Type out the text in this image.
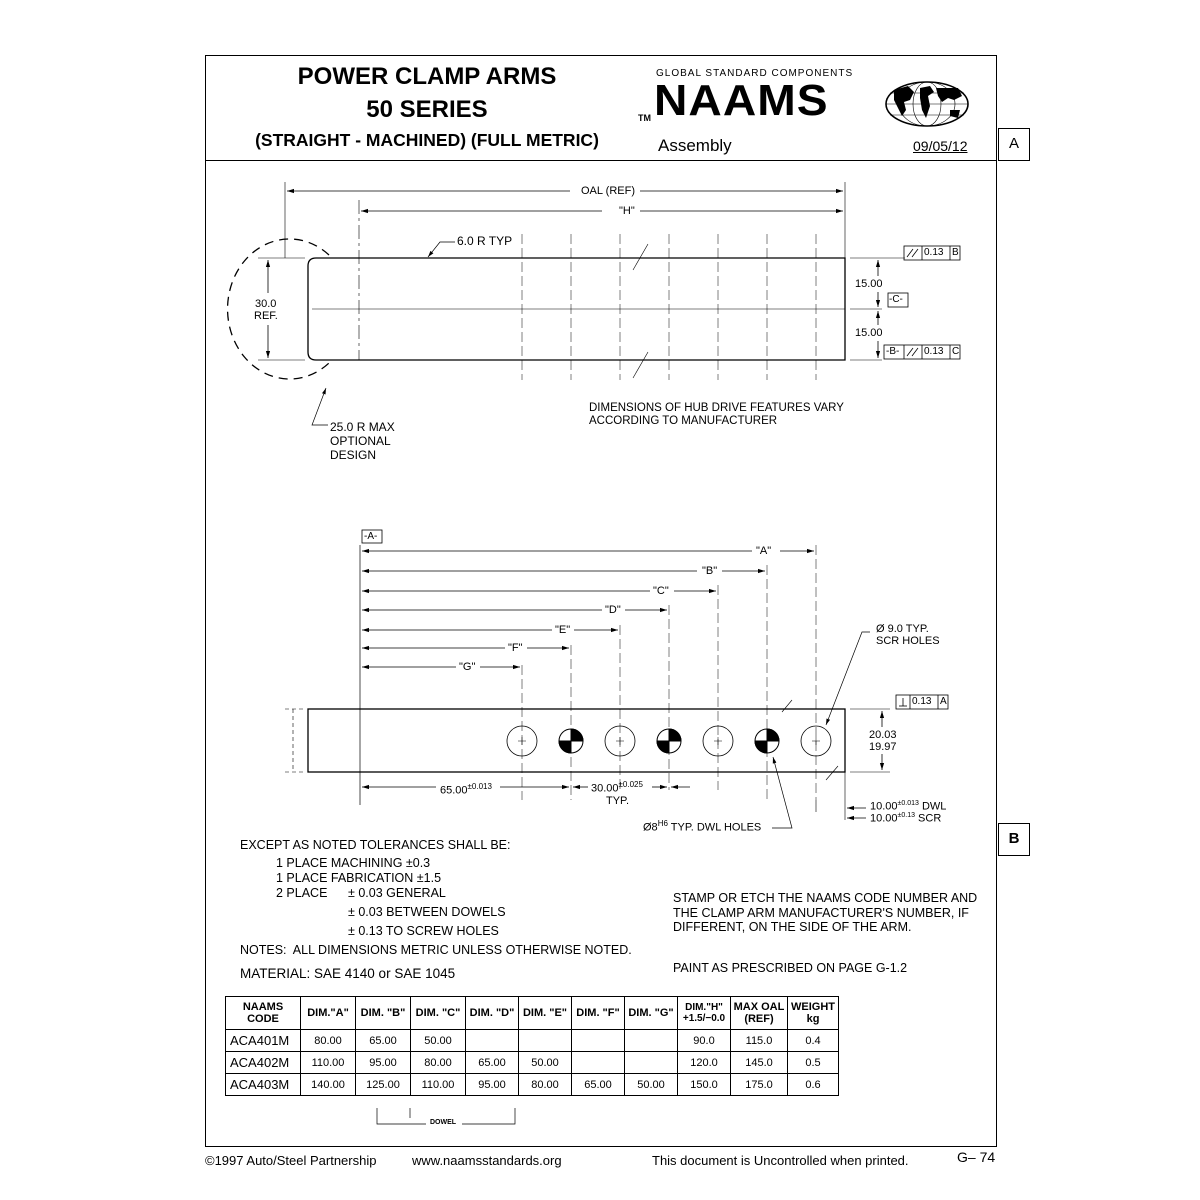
POWER CLAMP ARMS
50 SERIES
(STRAIGHT - MACHINED) (FULL METRIC)
GLOBAL STANDARD COMPONENTS
TM NAAMS
Assembly	09/05/12	A
B
OAL (REF)
"H"
6.0 R TYP
30.0
REF.
15.00
15.00
-C-
-B-
0.13 B
0.13 C
25.0 R MAX
OPTIONAL
DESIGN
DIMENSIONS OF HUB DRIVE FEATURES VARY
ACCORDING TO MANUFACTURER
-A-
"A"
"B"
"C"
"D"
"E"
"F"
"G"
Ø 9.0 TYP.
SCR HOLES
0.13 A
20.03
19.97
$65.00^{\pm 0.013}$	$30.00^{\pm 0.025}$
TYP.
$Ø8^{H6}$ TYP. DWL HOLES
$10.00^{\pm 0.013}$ DWL
$10.00^{\pm 0.13}$ SCR
EXCEPT AS NOTED TOLERANCES SHALL BE:
1 PLACE MACHINING ±0.3
1 PLACE FABRICATION ±1.5
2 PLACE ± 0.03 GENERAL
± 0.03 BETWEEN DOWELS
± 0.13 TO SCREW HOLES
NOTES:  ALL DIMENSIONS METRIC UNLESS OTHERWISE NOTED.
MATERIAL: SAE 4140 or SAE 1045
STAMP OR ETCH THE NAAMS CODE NUMBER AND
THE CLAMP ARM MANUFACTURER'S NUMBER, IF
DIFFERENT, ON THE SIDE OF THE ARM.
PAINT AS PRESCRIBED ON PAGE G-1.2
NAAMS CODE	DIM."A"	DIM. "B"	DIM. "C"	DIM. "D"	DIM. "E"	DIM. "F"	DIM. "G"	DIM."H" +1.5/−0.0	MAX OAL (REF)	WEIGHT kg
ACA401M	80.00	65.00	50.00					90.0	115.0	0.4
ACA402M	110.00	95.00	80.00	65.00	50.00			120.0	145.0	0.5
ACA403M	140.00	125.00	110.00	95.00	80.00	65.00	50.00	150.0	175.0	0.6
DOWEL
©1997 Auto/Steel Partnership	www.naamsstandards.org	This document is Uncontrolled when printed.	G– 74
